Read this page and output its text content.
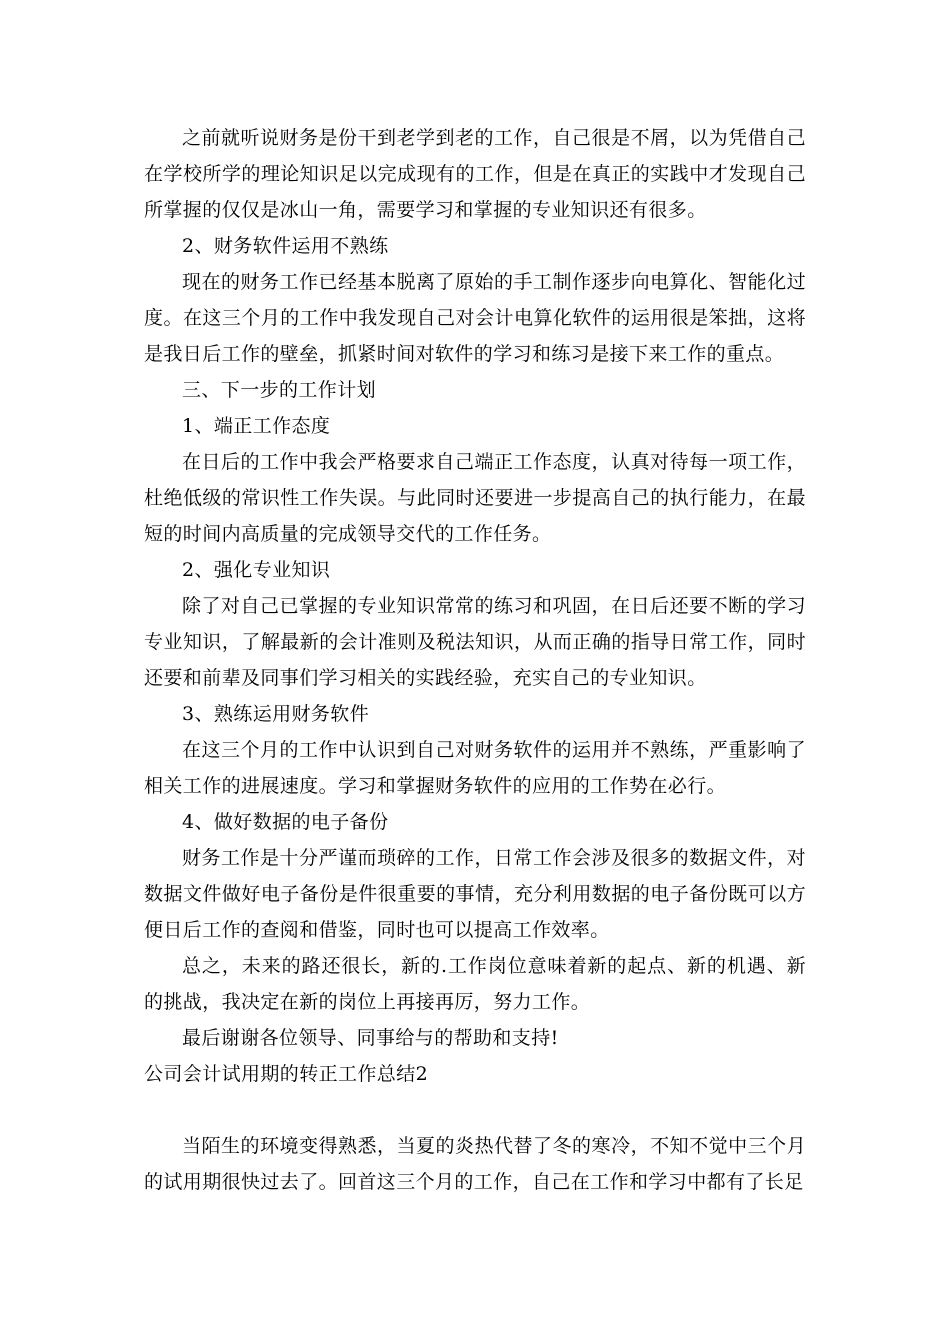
之前就听说财务是份干到老学到老的工作，自己很是不屑，以为凭借自己在学校所学的理论知识足以完成现有的工作，但是在真正的实践中才发现自己所掌握的仅仅是冰山一角，需要学习和掌握的专业知识还有很多。

2、财务软件运用不熟练

现在的财务工作已经基本脱离了原始的手工制作逐步向电算化、智能化过度。在这三个月的工作中我发现自己对会计电算化软件的运用很是笨拙，这将是我日后工作的壁垒，抓紧时间对软件的学习和练习是接下来工作的重点。

三、下一步的工作计划

1、端正工作态度

在日后的工作中我会严格要求自己端正工作态度，认真对待每一项工作，杜绝低级的常识性工作失误。与此同时还要进一步提高自己的执行能力，在最短的时间内高质量的完成领导交代的工作任务。

2、强化专业知识

除了对自己已掌握的专业知识常常的练习和巩固，在日后还要不断的学习专业知识，了解最新的会计准则及税法知识，从而正确的指导日常工作，同时还要和前辈及同事们学习相关的实践经验，充实自己的专业知识。

3、熟练运用财务软件

在这三个月的工作中认识到自己对财务软件的运用并不熟练，严重影响了相关工作的进展速度。学习和掌握财务软件的应用的工作势在必行。

4、做好数据的电子备份

财务工作是十分严谨而琐碎的工作，日常工作会涉及很多的数据文件，对数据文件做好电子备份是件很重要的事情，充分利用数据的电子备份既可以方便日后工作的查阅和借鉴，同时也可以提高工作效率。

总之，未来的路还很长，新的.工作岗位意味着新的起点、新的机遇、新的挑战，我决定在新的岗位上再接再厉，努力工作。

最后谢谢各位领导、同事给与的帮助和支持!

公司会计试用期的转正工作总结2

当陌生的环境变得熟悉，当夏的炎热代替了冬的寒冷，不知不觉中三个月的试用期很快过去了。回首这三个月的工作，自己在工作和学习中都有了长足
